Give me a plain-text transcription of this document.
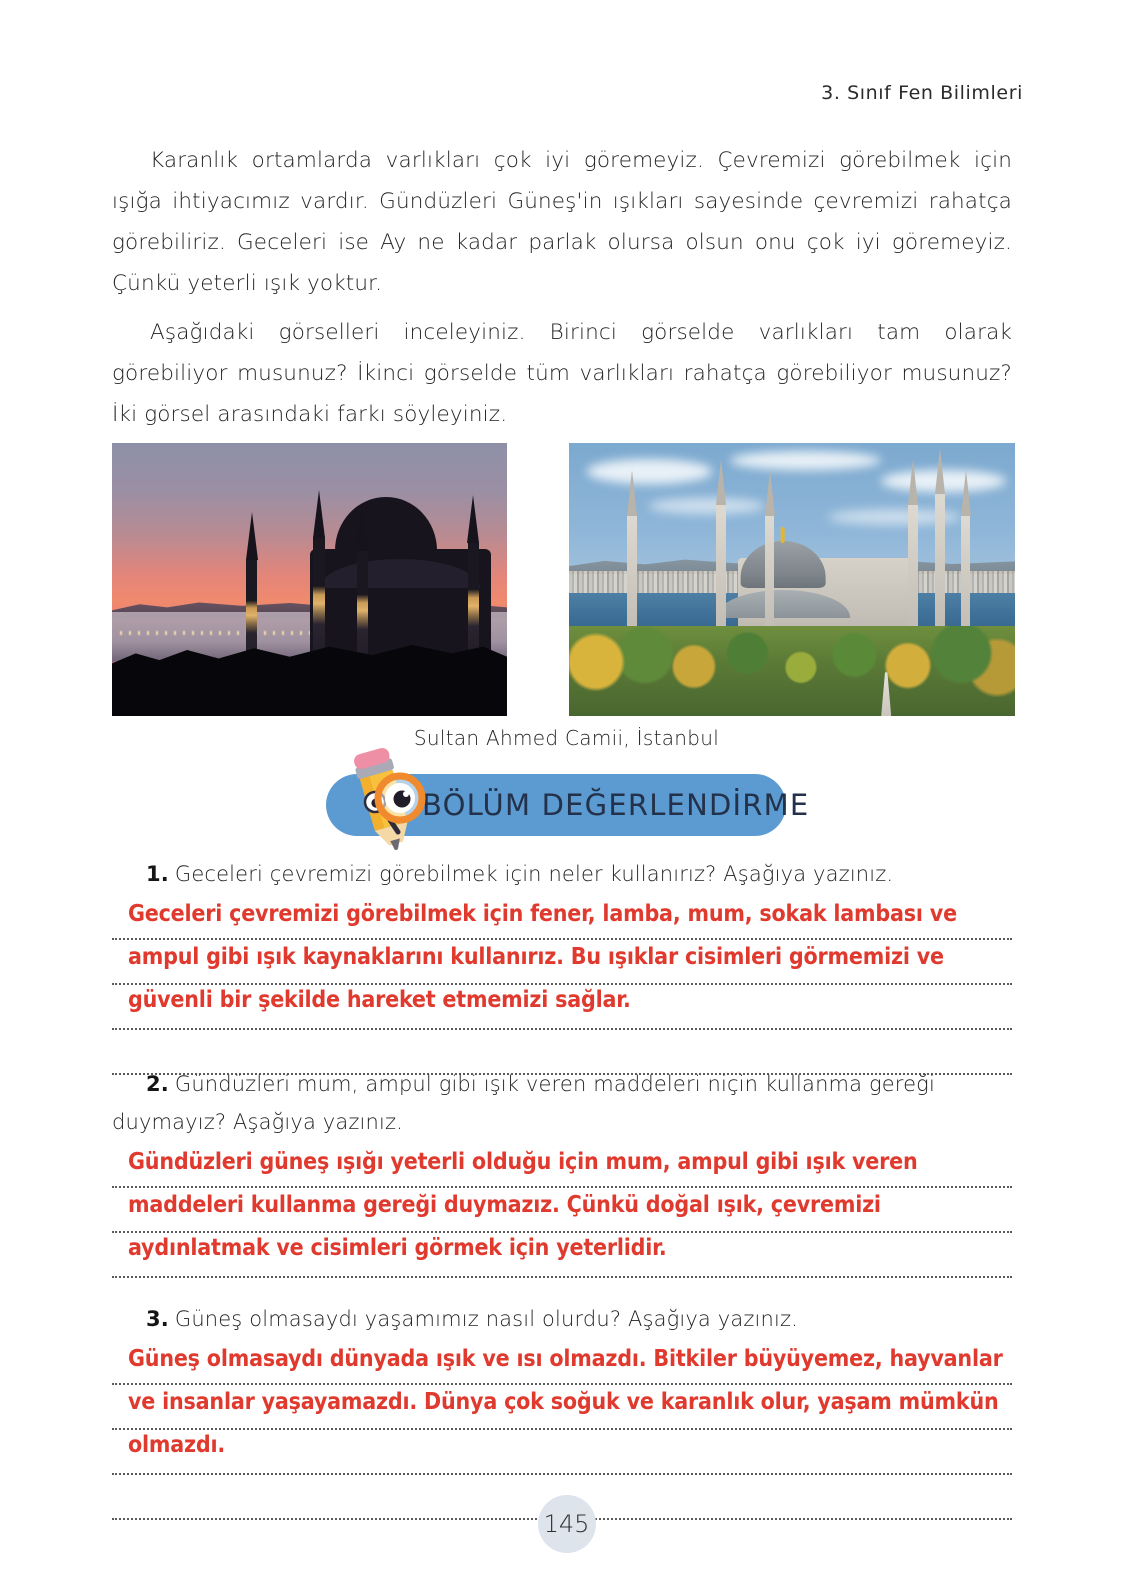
3. Sınıf Fen Bilimleri

Karanlık ortamlarda varlıkları çok iyi göremeyiz. Çevremizi görebilmek için ışığa ihtiyacımız vardır. Gündüzleri Güneş'in ışıkları sayesinde çevremizi rahatça görebiliriz. Geceleri ise Ay ne kadar parlak olursa olsun onu çok iyi göremeyiz. Çünkü yeterli ışık yoktur.

Aşağıdaki görselleri inceleyiniz. Birinci görselde varlıkları tam olarak görebiliyor musunuz? İkinci görselde tüm varlıkları rahatça görebiliyor musunuz? İki görsel arasındaki farkı söyleyiniz.

Sultan Ahmed Camii, İstanbul
BÖLÜM DEĞERLENDİRME

1. Geceleri çevremizi görebilmek için neler kullanırız? Aşağıya yazınız.

Geceleri çevremizi görebilmek için fener, lamba, mum, sokak lambası ve ampul gibi ışık kaynaklarını kullanırız. Bu ışıklar cisimleri görmemizi ve güvenli bir şekilde hareket etmemizi sağlar.

2. Gündüzleri mum, ampul gibi ışık veren maddeleri niçin kullanma gereği duymayız? Aşağıya yazınız.

Gündüzleri güneş ışığı yeterli olduğu için mum, ampul gibi ışık veren maddeleri kullanma gereği duymazız. Çünkü doğal ışık, çevremizi aydınlatmak ve cisimleri görmek için yeterlidir.

3. Güneş olmasaydı yaşamımız nasıl olurdu? Aşağıya yazınız.

Güneş olmasaydı dünyada ışık ve ısı olmazdı. Bitkiler büyüyemez, hayvanlar ve insanlar yaşayamazdı. Dünya çok soğuk ve karanlık olur, yaşam mümkün olmazdı.
145
